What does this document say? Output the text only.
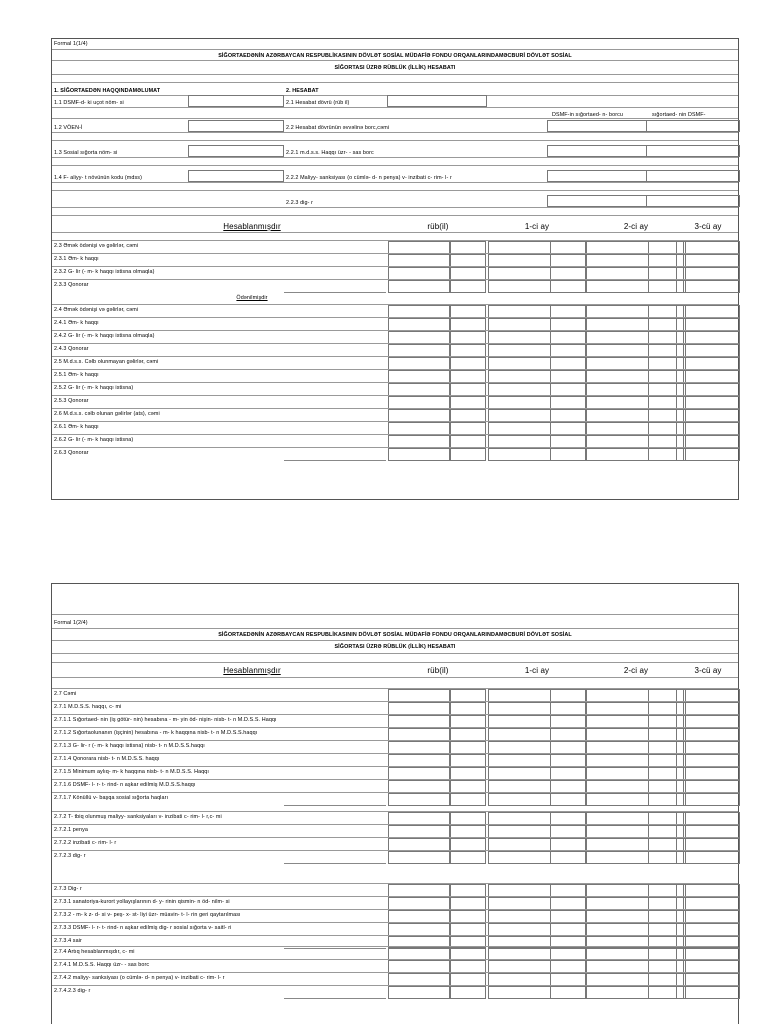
Formal 1(1/4)
SİĞORTAEDƏNİN AZƏRBAYCAN RESPUBLİKASININ DÖVLƏT SOSİAL MÜDAFİƏ FONDU ORQANLARINDAMƏCBURİ DÖVLƏT SOSİAL
SİĞORTASI ÜZRƏ RÜBLÜK (İLLİK) HESABATI
1. SİĞORTAEDƏN HAQQINDAMƏLUMAT	2. HESABAT
1.1 DSMF-d- ki uçot nöm- si	2.1 Hesabat dövrü (rüb il)
DSMF-in sığortaed- n- borcu	sığortaed- nin DSMF-
1.2 VÖEN-İ	2.2 Hesabat dövrünün əvvəlinə borc,cəmi
1.3 Sosial sığorta nöm- si	2.2.1 m.d.s.s. Haqqı üzr- - sas borc
1.4 F- aliyy- t növünün kodu (mdss)	2.2.2 Maliyy- sanksiyası (o cümlə- d- n penya) v- inzibati c- rim- l- r
2.2.3 dig- r
Hesablanmışdır	rüb(il)	1-ci ay	2-ci ay	3-cü ay
2.3 Əmək ödənişi və gəlirlər, cəmi
2.3.1 Əm- k haqqı
2.3.2 G- lir (- m- k haqqı istisna olmaqla)
2.3.3 Qonorar
Ödənilmişdir
2.4 Əmək ödənişi və gəlirlər, cəmi
2.4.1 Əm- k haqqı
2.4.2 G- lir (- m- k haqqı istisna olmaqla)
2.4.3 Qonorar
2.5 M.d.s.s. Cəlb olunmayan gəlirlər, cəmi
2.5.1 Əm- k haqqı
2.5.2 G- lir (- m- k haqqı istisna)
2.5.3 Qonorar
2.6 M.d.s.s. cəlb olunan gəlirlər (ats), cəmi
2.6.1 Əm- k haqqı
2.6.2 G- lir (- m- k haqqı istisna)
2.6.3 Qonorar
Formal 1(2/4)
SİĞORTAEDƏNİN AZƏRBAYCAN RESPUBLİKASININ DÖVLƏT SOSİAL MÜDAFİƏ FONDU ORQANLARINDAMƏCBURİ DÖVLƏT SOSİAL
SİĞORTASI ÜZRƏ RÜBLÜK (İLLİK) HESABATI
Hesablanmışdır	rüb(il)	1-ci ay	2-ci ay	3-cü ay
2.7 Cəmi
2.7.1 M.D.S.S. haqqı, c- mi
2.7.1.1 Sığortaed- nin (iş götür- nin) hesabına - m- yin öd- nişin- nisb- t- n M.D.S.S. Haqqı
2.7.1.2 Sığortaolunanın (işçinin) hesabına - m- k haqqına nisb- t- n M.D.S.S.haqqı
2.7.1.3 G- lir- r (- m- k haqqı istisna) nisb- t- n M.D.S.S.haqqı
2.7.1.4 Qonorara nisb- t- n M.D.S.S. haqqı
2.7.1.5 Minimum aylıq- m- k haqqına nisb- t- n M.D.S.S. Haqqı
2.7.1.6 DSMF- l- r- t- rind- n aşkar edilmiş M.D.S.S.haqqı
2.7.1.7 Könüllü v- başqa sosial sığorta haqları
2.7.2 T- tbiq olunmuş maliyy- sanksiyaları v- inzibati c- rim- l- r,c- mi
2.7.2.1 penya
2.7.2.2 inzibati c- rim- l- r
2.7.2.3 dig- r
2.7.3 Dig- r
2.7.3.1 sanatoriya-kurort yollayışlarının d- y- rinin qismin- n öd- nilm- si
2.7.3.2 - m- k z- d- si v- peş- x- st- liyi üzr- müavin- t- l- rin geri qaytarılması
2.7.3.3 DSMF- l- r- t- rind- n aşkar edilmiş dig- r sosial sığorta v- saitl- ri
2.7.3.4 sair
2.7.4 Artıq hesablanmışdır, c- mi
2.7.4.1 M.D.S.S. Haqqı üzr- - sas borc
2.7.4.2 maliyy- sanksiyası (o cümlə- d- n penya) v- inzibati c- rim- l- r
2.7.4.2.3 dig- r
